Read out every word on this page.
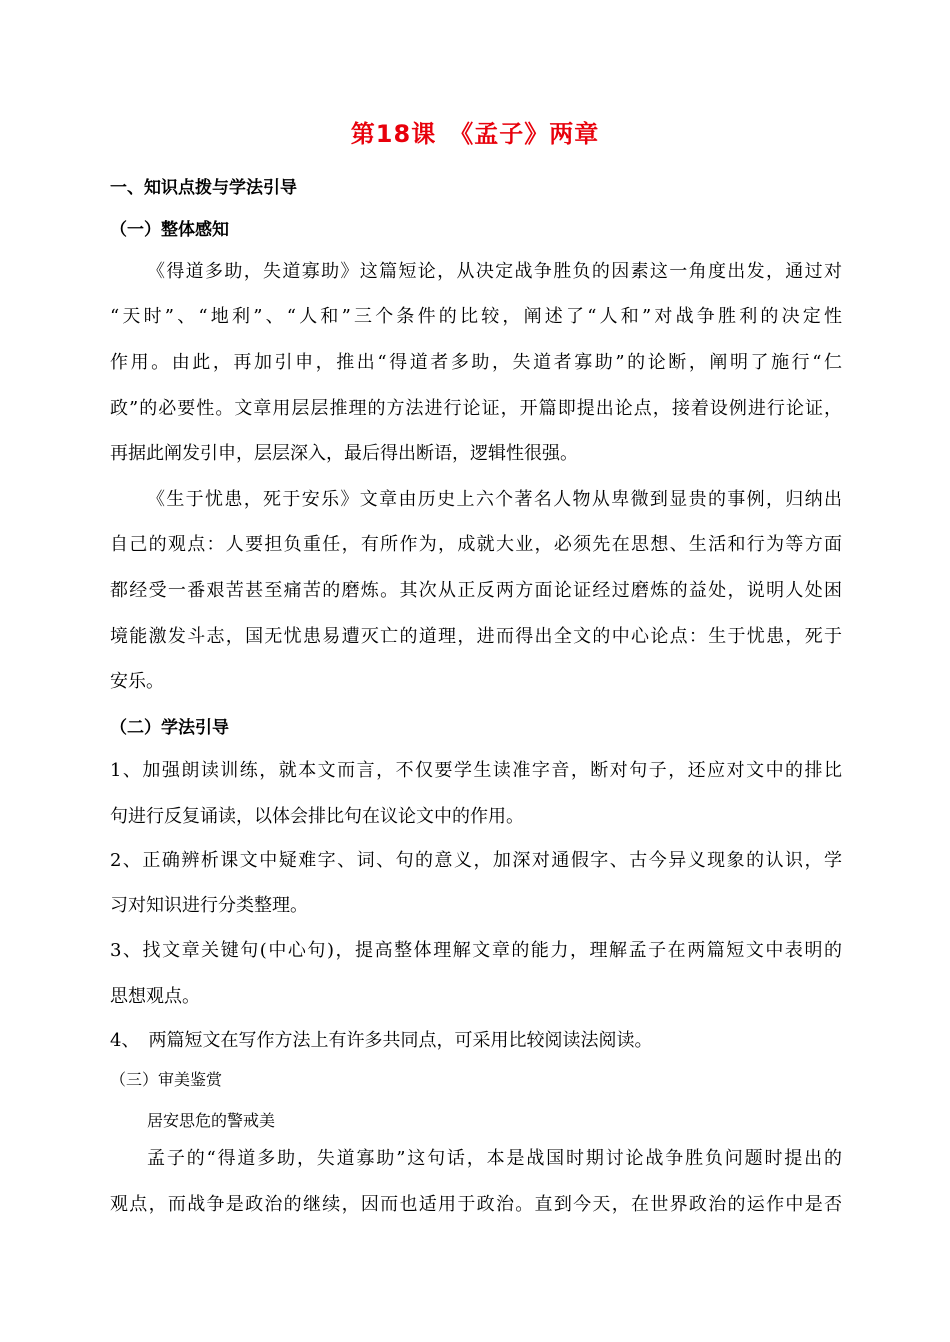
第18课　《孟子》两章
一、知识点拨与学法引导
（一）整体感知
《得道多助，失道寡助》这篇短论，从决定战争胜负的因素这一角度出发，通过对
“天时”、“地利”、“人和”三个条件的比较，阐述了“人和”对战争胜利的决定性
作用。由此，再加引申，推出“得道者多助，失道者寡助”的论断，阐明了施行“仁
政”的必要性。文章用层层推理的方法进行论证，开篇即提出论点，接着设例进行论证，
再据此阐发引申，层层深入，最后得出断语，逻辑性很强。
《生于忧患，死于安乐》文章由历史上六个著名人物从卑微到显贵的事例，归纳出
自己的观点：人要担负重任，有所作为，成就大业，必须先在思想、生活和行为等方面
都经受一番艰苦甚至痛苦的磨炼。其次从正反两方面论证经过磨炼的益处，说明人处困
境能激发斗志，国无忧患易遭灭亡的道理，进而得出全文的中心论点：生于忧患，死于
安乐。
（二）学法引导
1、加强朗读训练，就本文而言，不仅要学生读准字音，断对句子，还应对文中的排比
句进行反复诵读，以体会排比句在议论文中的作用。
2、正确辨析课文中疑难字、词、句的意义，加深对通假字、古今异义现象的认识，学
习对知识进行分类整理。
3、找文章关键句(中心句)，提高整体理解文章的能力，理解孟子在两篇短文中表明的
思想观点。
4、　两篇短文在写作方法上有许多共同点，可采用比较阅读法阅读。
（三）审美鉴赏
居安思危的警戒美
孟子的“得道多助，失道寡助”这句话，本是战国时期讨论战争胜负问题时提出的
观点，而战争是政治的继续，因而也适用于政治。直到今天，在世界政治的运作中是否
